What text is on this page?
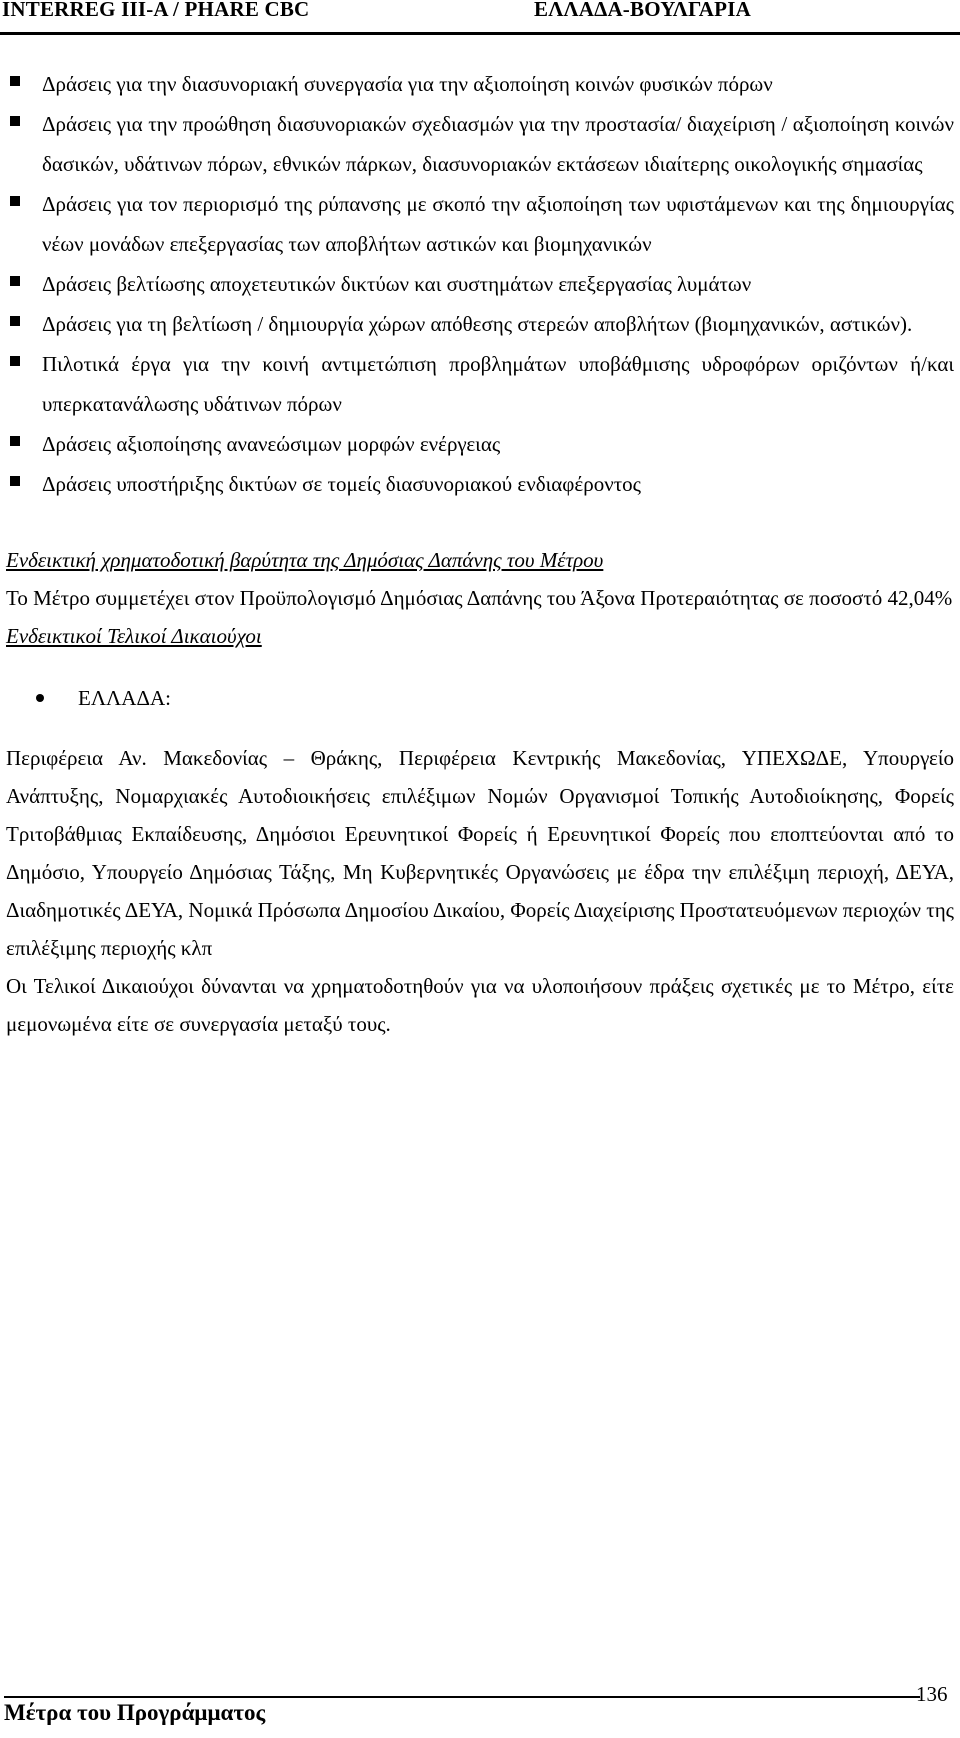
INTERREG III-A / PHARE CBC	ΕΛΛΑΔΑ-ΒΟΥΛΓΑΡΙΑ
Δράσεις για την διασυνοριακή συνεργασία για την αξιοποίηση κοινών φυσικών πόρων
Δράσεις για την προώθηση διασυνοριακών σχεδιασμών για την προστασία/ διαχείριση / αξιοποίηση κοινών δασικών, υδάτινων πόρων, εθνικών πάρκων, διασυνοριακών εκτάσεων ιδιαίτερης οικολογικής σημασίας
Δράσεις για τον περιορισμό της ρύπανσης με σκοπό την αξιοποίηση των υφιστάμενων και της δημιουργίας νέων μονάδων επεξεργασίας των αποβλήτων αστικών και βιομηχανικών
Δράσεις βελτίωσης αποχετευτικών δικτύων και συστημάτων επεξεργασίας λυμάτων
Δράσεις για τη βελτίωση / δημιουργία χώρων απόθεσης στερεών αποβλήτων (βιομηχανικών, αστικών).
Πιλοτικά έργα για την κοινή αντιμετώπιση προβλημάτων υποβάθμισης υδροφόρων οριζόντων ή/και υπερκατανάλωσης υδάτινων πόρων
Δράσεις αξιοποίησης ανανεώσιμων μορφών ενέργειας
Δράσεις υποστήριξης δικτύων σε τομείς διασυνοριακού ενδιαφέροντος
Ενδεικτική χρηματοδοτική βαρύτητα της Δημόσιας Δαπάνης του Μέτρου

Το Μέτρο συμμετέχει στον Προϋπολογισμό Δημόσιας Δαπάνης του Άξονα Προτεραιότητας σε ποσοστό 42,04%

Ενδεικτικοί Τελικοί Δικαιούχοι
ΕΛΛΑΔΑ:

Περιφέρεια Αν. Μακεδονίας – Θράκης, Περιφέρεια Κεντρικής Μακεδονίας, ΥΠΕΧΩΔΕ, Υπουργείο Ανάπτυξης, Νομαρχιακές Αυτοδιοικήσεις επιλέξιμων Νομών Οργανισμοί Τοπικής Αυτοδιοίκησης, Φορείς Τριτοβάθμιας Εκπαίδευσης, Δημόσιοι Ερευνητικοί Φορείς ή Ερευνητικοί Φορείς που εποπτεύονται από το Δημόσιο, Υπουργείο Δημόσιας Τάξης, Μη Κυβερνητικές Οργανώσεις με έδρα την επιλέξιμη περιοχή, ΔΕΥΑ, Διαδημοτικές ΔΕΥΑ, Νομικά Πρόσωπα Δημοσίου Δικαίου, Φορείς Διαχείρισης Προστατευόμενων περιοχών της επιλέξιμης περιοχής κλπ

Οι Τελικοί Δικαιούχοι δύνανται να χρηματοδοτηθούν για να υλοποιήσουν πράξεις σχετικές με το Μέτρο, είτε μεμονωμένα είτε σε συνεργασία μεταξύ τους.

Μέτρα του Προγράμματος
136
